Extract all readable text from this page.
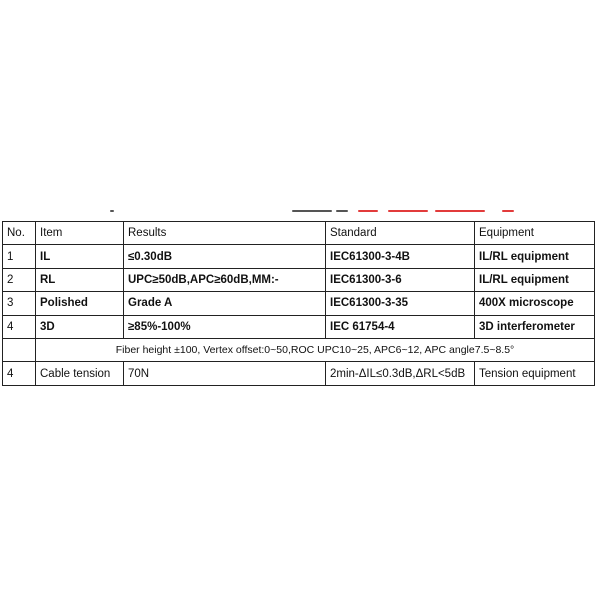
No.	Item	Results	Standard	Equipment
1	IL	≤0.30dB	IEC61300-3-4B	IL/RL equipment
2	RL	UPC≥50dB,APC≥60dB,MM:-	IEC61300-3-6	IL/RL equipment
3	Polished	Grade A	IEC61300-3-35	400X microscope
4	3D	≥85%-100%	IEC 61754-4	3D interferometer
	Fiber height ±100, Vertex offset:0~50,ROC UPC10~25, APC6~12, APC angle7.5~8.5°			
4	Cable tension	70N	2min-ΔIL≤0.3dB,ΔRL<5dB	Tension equipment
